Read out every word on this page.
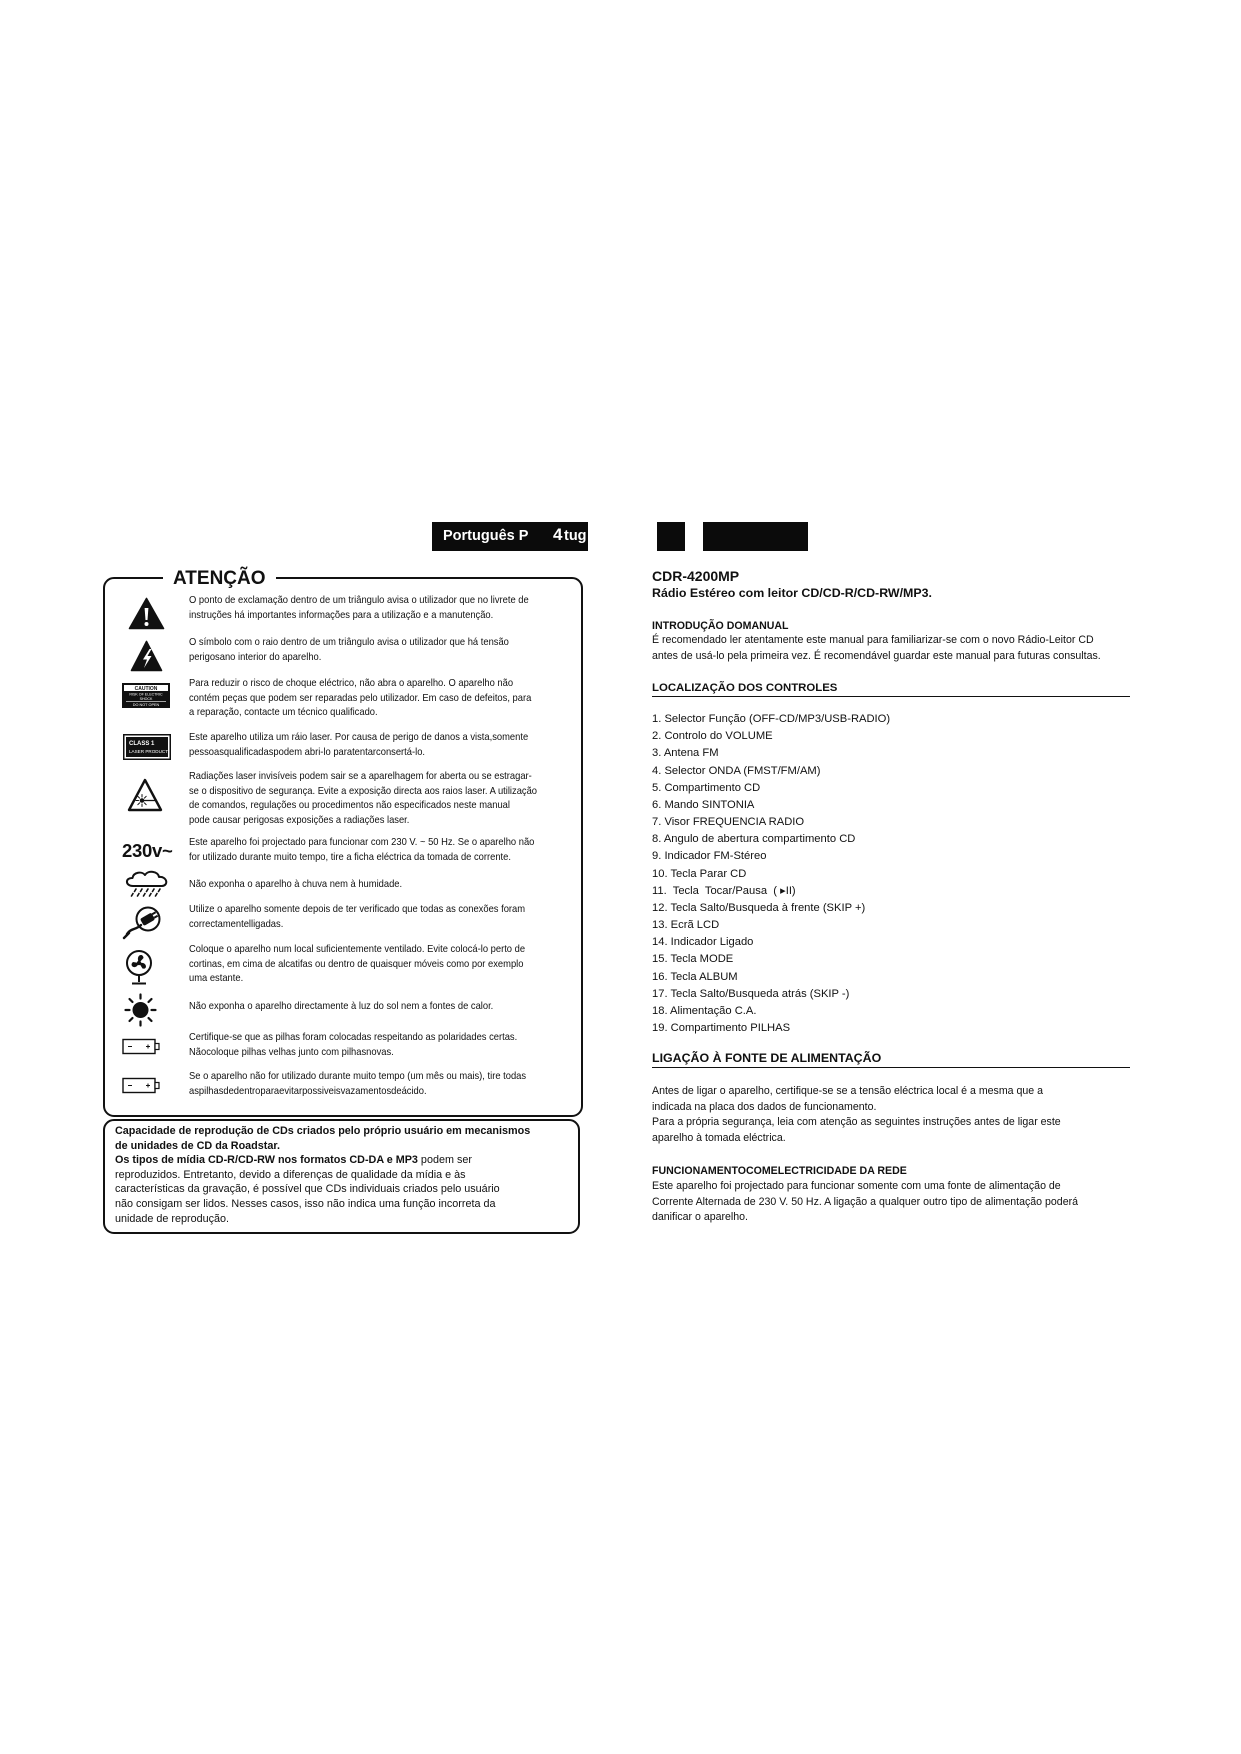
Português P 4 tug
ATENÇÃO
O ponto de exclamação dentro de um triângulo avisa o utilizador que no livrete de
instruções há importantes informações para a utilização e a manutenção.
O símbolo com o raio dentro de um triângulo avisa o utilizador que há tensão
perigosano interior do aparelho.
CAUTION
RISK OF ELECTRIC
SHOCK
DO NOT OPEN
Para reduzir o risco de choque eléctrico, não abra o aparelho. O aparelho não
contém peças que podem ser reparadas pelo utilizador. Em caso de defeitos, para
a reparação, contacte um técnico qualificado.
CLASS 1
LASER PRODUCT
Este aparelho utiliza um ráio laser. Por causa de perigo de danos a vista,somente
pessoasqualificadaspodem abri-lo paratentarconsertá-lo.
Radiações laser invisíveis podem sair se a aparelhagem for aberta ou se estragar-
se o dispositivo de segurança. Evite a exposição directa aos raios laser. A utilização
de comandos, regulações ou procedimentos não especificados neste manual
pode causar perigosas exposições a radiações laser.
230v~ Este aparelho foi projectado para funcionar com 230 V. ~ 50 Hz. Se o aparelho não
for utilizado durante muito tempo, tire a ficha eléctrica da tomada de corrente.
Não exponha o aparelho à chuva nem à humidade.
Utilize o aparelho somente depois de ter verificado que todas as conexões foram
correctamentelligadas.
Coloque o aparelho num local suficientemente ventilado. Evite colocá-lo perto de
cortinas, em cima de alcatifas ou dentro de quaisquer móveis como por exemplo
uma estante.
Não exponha o aparelho directamente à luz do sol nem a fontes de calor.
Certifique-se que as pilhas foram colocadas respeitando as polaridades certas.
Nãocoloque pilhas velhas junto com pilhasnovas.
Se o aparelho não for utilizado durante muito tempo (um mês ou mais), tire todas
aspilhasdedentroparaevitarpossiveisvazamentosdeácido.
Capacidade de reprodução de CDs criados pelo próprio usuário em mecanismos
de unidades de CD da Roadstar.
Os tipos de mídia CD-R/CD-RW nos formatos CD-DA e MP3 podem ser
reproduzidos. Entretanto, devido a diferenças de qualidade da mídia e às
características da gravação, é possível que CDs individuais criados pelo usuário
não consigam ser lidos. Nesses casos, isso não indica uma função incorreta da
unidade de reprodução.
CDR-4200MP
Rádio Estéreo com leitor CD/CD-R/CD-RW/MP3.
INTRODUÇÃO DOMANUAL
É recomendado ler atentamente este manual para familiarizar-se com o novo Rádio-Leitor CD
antes de usá-lo pela primeira vez. É recomendável guardar este manual para futuras consultas.
LOCALIZAÇÃO DOS CONTROLES
1. Selector Função (OFF-CD/MP3/USB-RADIO)
2. Controlo do VOLUME
3. Antena FM
4. Selector ONDA (FMST/FM/AM)
5. Compartimento CD
6. Mando SINTONIA
7. Visor FREQUENCIA RADIO
8. Angulo de abertura compartimento CD
9. Indicador FM-Stéreo
10. Tecla Parar CD
11.  Tecla  Tocar/Pausa  ( ▸II)
12. Tecla Salto/Busqueda à frente (SKIP +)
13. Ecrã LCD
14. Indicador Ligado
15. Tecla MODE
16. Tecla ALBUM
17. Tecla Salto/Busqueda atrás (SKIP -)
18. Alimentação C.A.
19. Compartimento PILHAS
LIGAÇÃO À FONTE DE ALIMENTAÇÃO
Antes de ligar o aparelho, certifique-se se a tensão eléctrica local é a mesma que a
indicada na placa dos dados de funcionamento.
Para a própria segurança, leia com atenção as seguintes instruções antes de ligar este
aparelho à tomada eléctrica.
FUNCIONAMENTOCOMELECTRICIDADE DA REDE
Este aparelho foi projectado para funcionar somente com uma fonte de alimentação de
Corrente Alternada de 230 V. 50 Hz. A ligação a qualquer outro tipo de alimentação poderá
danificar o aparelho.
